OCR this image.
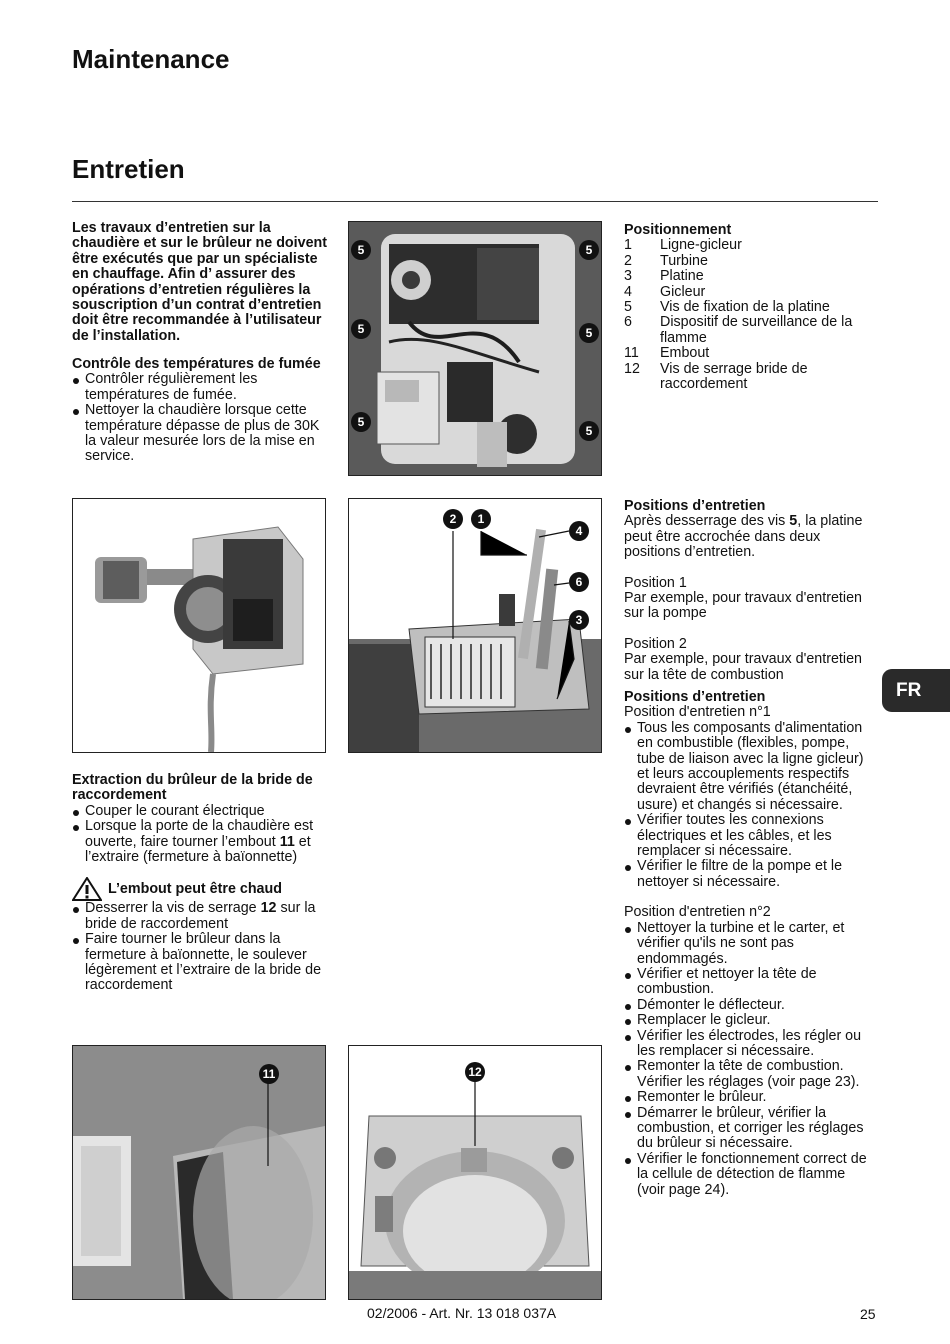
Maintenance
Entretien
Les travaux d’entretien sur la chaudière et sur le brûleur ne doivent être exécutés que par un spécialiste en chauffage. Afin d’ assurer des opérations d’entretien régulières la souscription d’un contrat d’entretien doit être recommandée à l’utilisateur de l’installation.
Contrôle des températures de fumée
Contrôler régulièrement les températures de fumée.
Nettoyer la chaudière lorsque cette température dépasse de plus de 30K la valeur mesurée lors de la mise en service.
5	5
5	5
5
5
Positionnement
1	Ligne-gicleur
2	Turbine
3	Platine
4	Gicleur
5	Vis de fixation de la platine
6	Dispositif de surveillance de la flamme
11	Embout
12	Vis de serrage bride de raccordement
2	1
4
6
3
Positions d’entretien
Après desserrage des vis 5, la platine peut être accrochée dans deux positions d’entretien.
Position 1
Par exemple, pour travaux d'entretien sur la pompe
Position 2
Par exemple, pour travaux d'entretien sur la tête de combustion
Positions d’entretien
Position d'entretien n°1
Tous les composants d'alimentation en combustible (flexibles, pompe, tube de liaison avec la ligne gicleur) et leurs accouplements respectifs devraient être vérifiés (étanchéité, usure) et changés si nécessaire.
Vérifier toutes les connexions électriques et les câbles, et les remplacer si nécessaire.
Vérifier le filtre de la pompe et le nettoyer si nécessaire.
Position d'entretien n°2
Nettoyer la turbine et le carter, et vérifier qu'ils ne sont pas endommagés.
Vérifier et nettoyer la tête de combustion.
Démonter le déflecteur.
Remplacer le gicleur.
Vérifier les électrodes, les régler ou les remplacer si nécessaire.
Remonter la tête de combustion. Vérifier les réglages (voir page 23).
Remonter le brûleur.
Démarrer le brûleur, vérifier la combustion, et corriger les réglages du brûleur si nécessaire.
Vérifier le fonctionnement correct de la cellule de détection de flamme (voir page 24).
FR
Extraction du brûleur de la bride de raccordement
Couper le courant électrique
Lorsque la porte de la chaudière est ouverte, faire tourner l’embout 11 et l’extraire (fermeture à baïonnette)
L’embout peut être chaud
Desserrer la vis de serrage 12 sur la bride de raccordement
Faire tourner le brûleur dans la fermeture à baïonnette, le soulever légèrement et l’extraire de la bride de raccordement
11	12
02/2006 - Art. Nr. 13 018 037A	25
